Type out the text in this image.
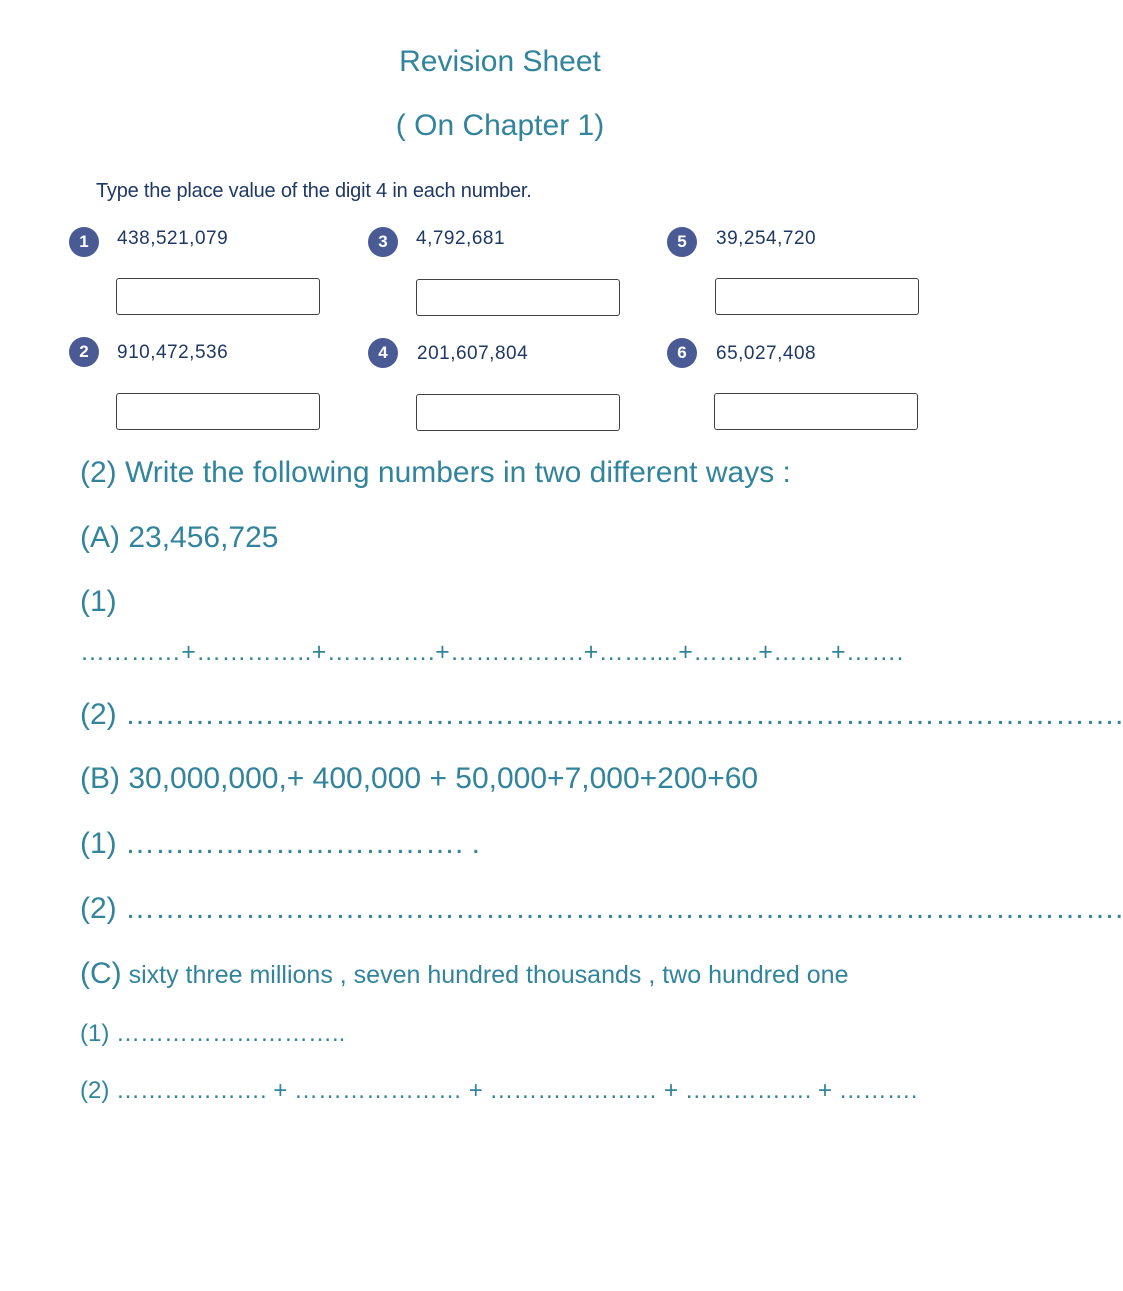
Revision Sheet
( On Chapter 1)
Type the place value of the digit 4 in each number.
1	438,521,079
2	910,472,536
3	4,792,681
4	201,607,804
5	39,254,720
6	65,027,408
(2) Write the following numbers in two different ways :
(A) 23,456,725
(1)
…………+…………..+………….+…………….+……....+……..+…….+…….
(2) ……………………………………………………………………………………….
(B) 30,000,000,+ 400,000 + 50,000+7,000+200+60
(1) ……………………………. .
(2) ……………………………………………………………………………………….
(C) sixty three millions , seven hundred thousands , two hundred one
(1) ………………………..
(2) ………………. + ………………… + ………………… + ……………. + ……….
